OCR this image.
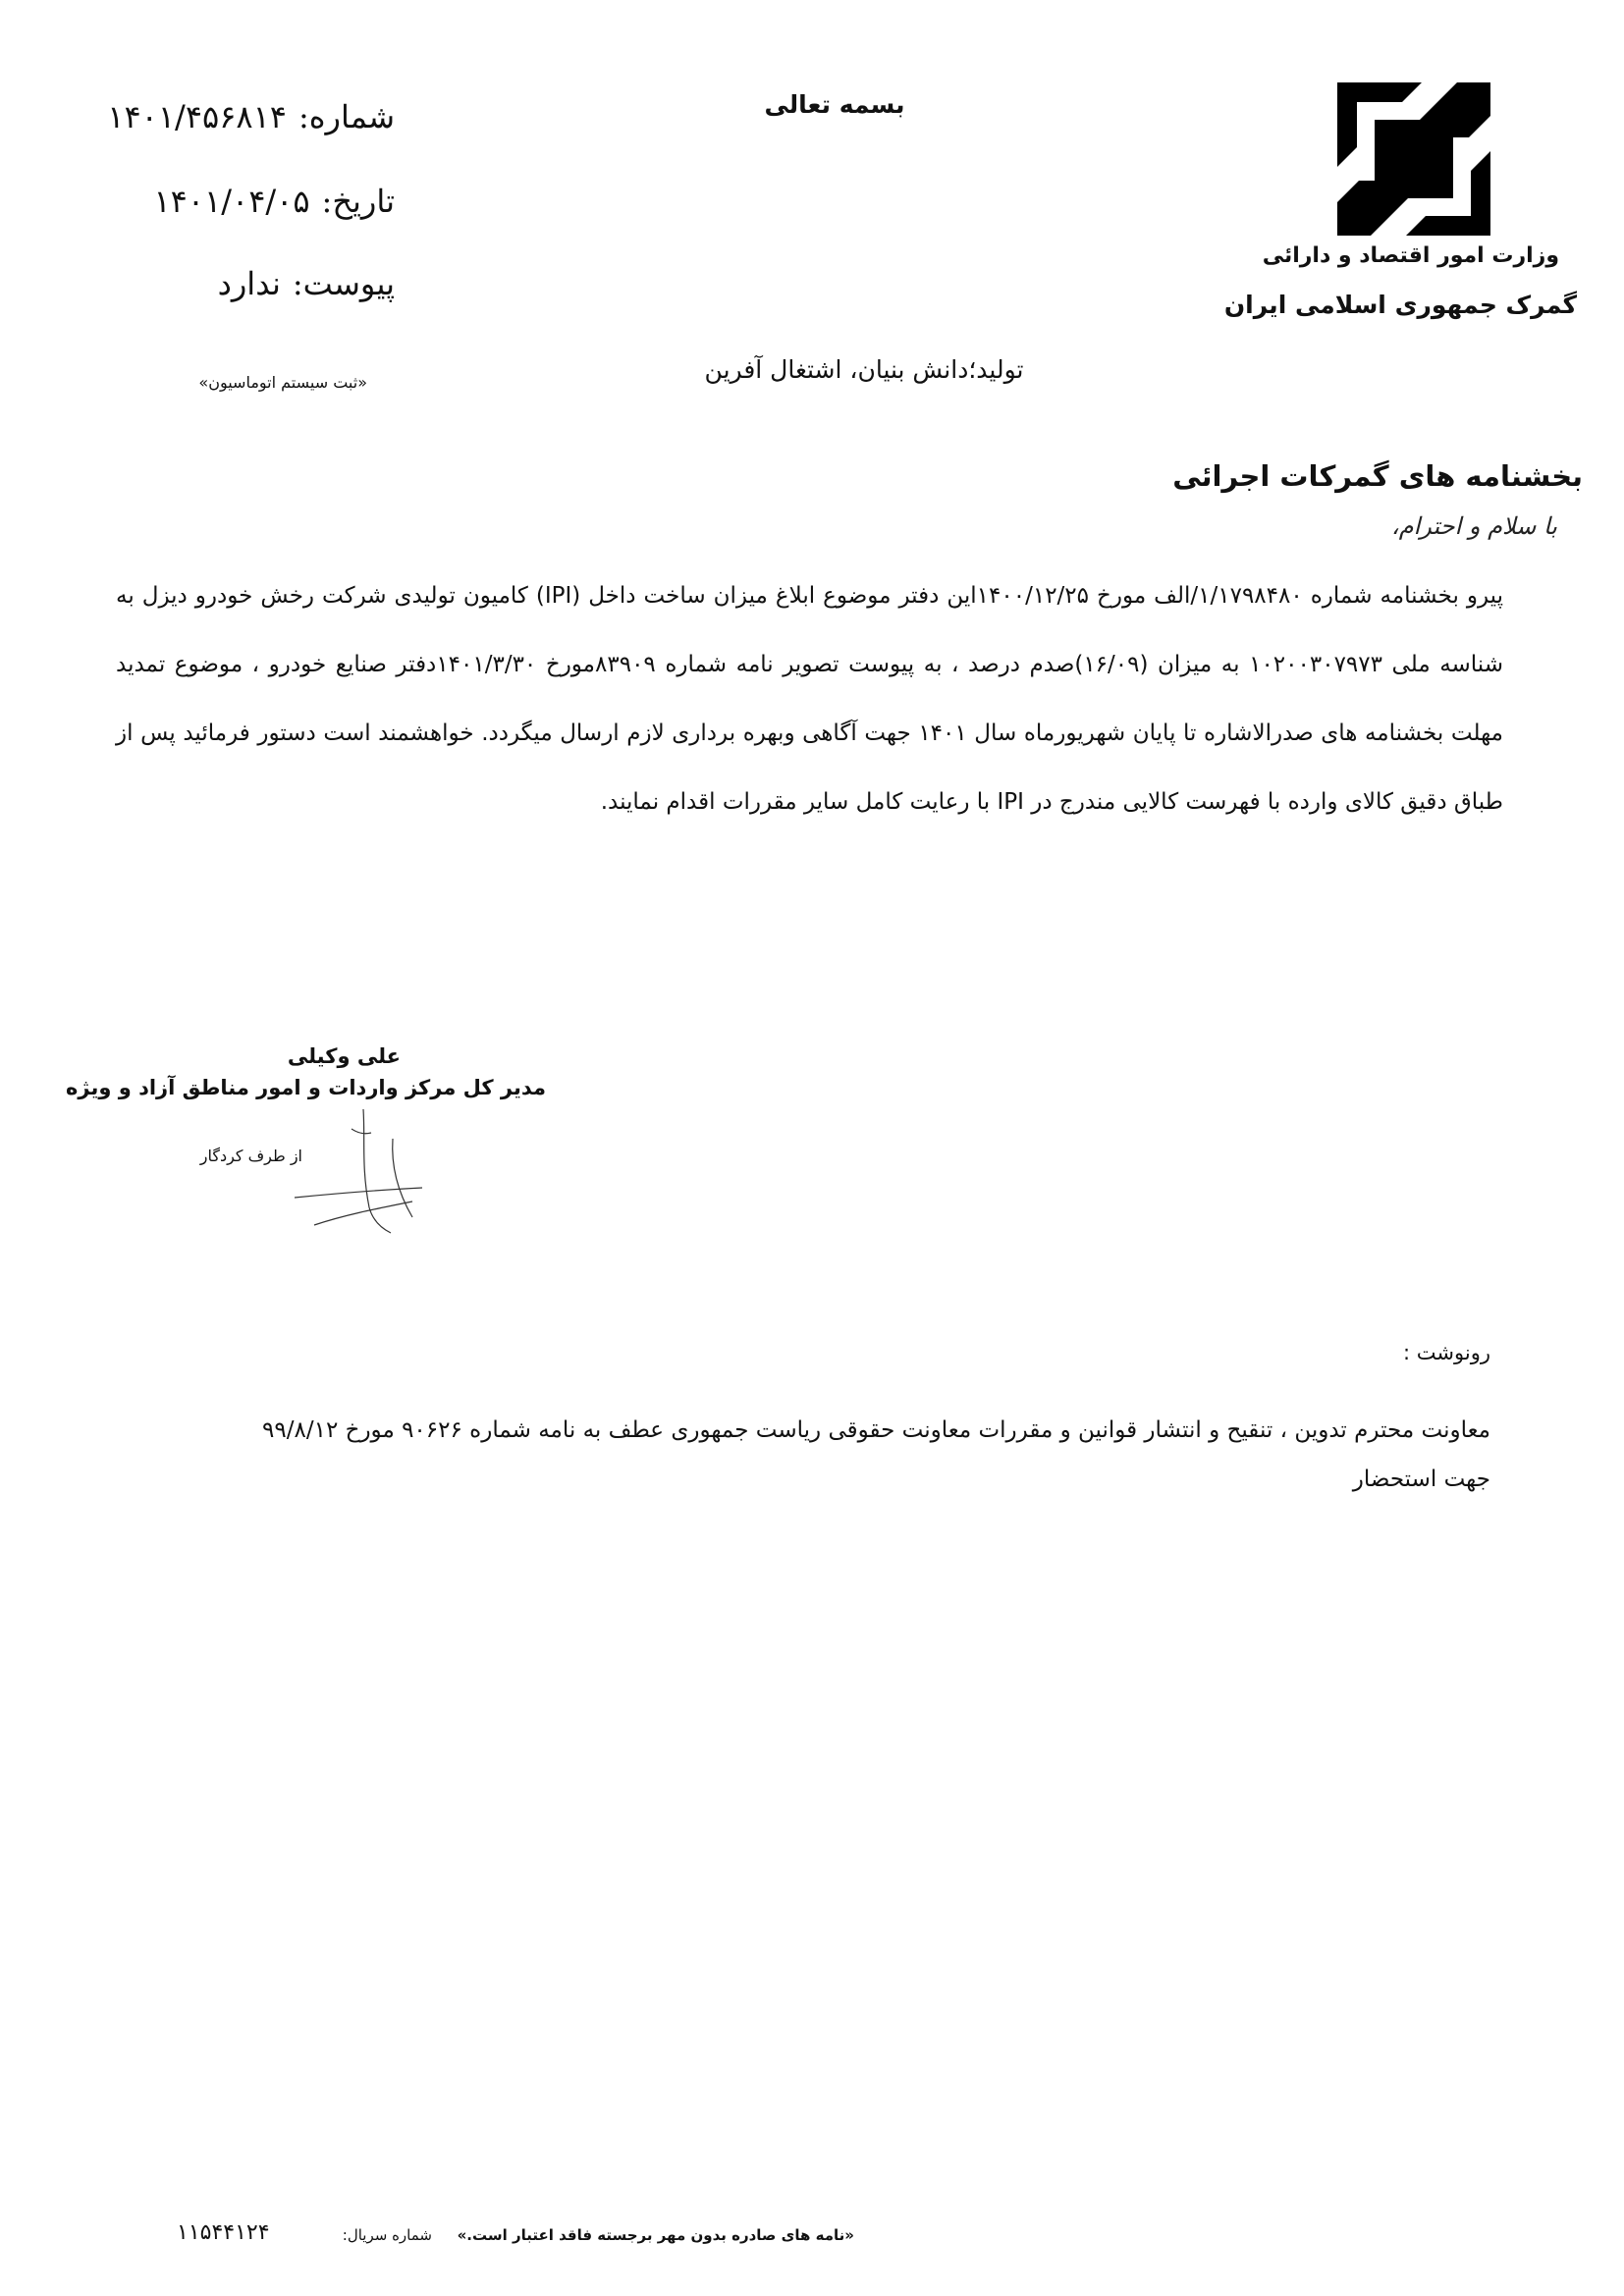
بسمه تعالی
شماره:
۱۴۰۱/۴۵۶۸۱۴
تاریخ:
۱۴۰۱/۰۴/۰۵
پیوست:
ندارد
«ثبت سیستم اتوماسیون»
وزارت امور اقتصاد و دارائی
گمرک جمهوری اسلامی ایران
تولید؛دانش بنیان، اشتغال آفرین
بخشنامه های گمرکات اجرائی
با سلام و احترام،
پیرو بخشنامه شماره ۱/۱۷۹۸۴۸۰/الف مورخ ۱۴۰۰/۱۲/۲۵این دفتر موضوع ابلاغ میزان ساخت داخل (IPI) کامیون تولیدی شرکت رخش خودرو دیزل به شناسه ملی ۱۰۲۰۰۳۰۷۹۷۳ به میزان (۱۶/۰۹)صدم درصد ، به پیوست تصویر نامه شماره ۸۳۹۰۹مورخ ۱۴۰۱/۳/۳۰دفتر صنایع خودرو ، موضوع تمدید مهلت بخشنامه های صدرالاشاره تا پایان شهریورماه سال ۱۴۰۱ جهت آگاهی وبهره برداری لازم ارسال میگردد. خواهشمند است دستور فرمائید پس از طباق دقیق کالای وارده با فهرست کالایی مندرج در IPI با رعایت کامل سایر مقررات اقدام نمایند.
علی وکیلی
مدیر کل مرکز واردات و امور مناطق آزاد و ویژه
از طرف کردگار
رونوشت :
معاونت محترم تدوین ، تنقیح و انتشار قوانین و مقررات معاونت حقوقی ریاست جمهوری عطف به نامه شماره ۹۰۶۲۶ مورخ ۹۹/۸/۱۲
جهت استحضار
«نامه های صادره بدون مهر برجسته فاقد اعتبار است.»
شماره سریال:
۱۱۵۴۴۱۲۴
